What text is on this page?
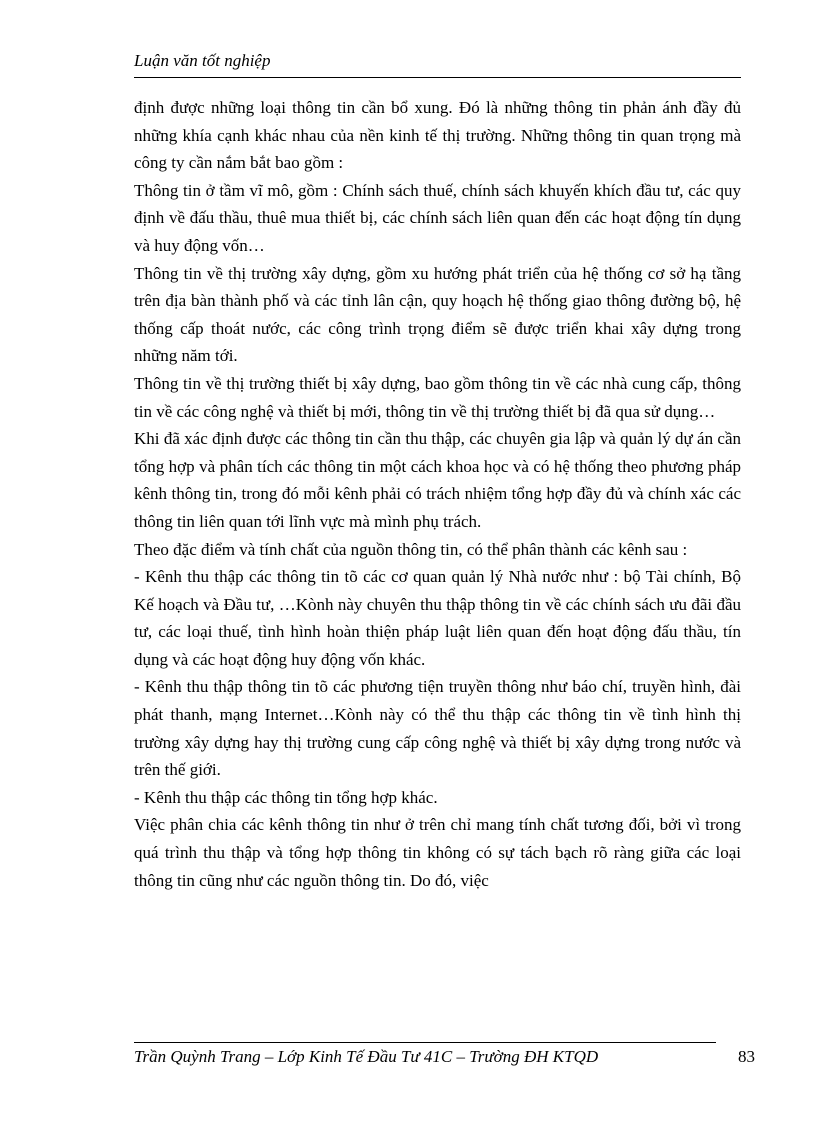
Luận văn tốt nghiệp

định được những loại thông tin cần bổ xung. Đó là những thông tin phản ánh đầy đủ những khía cạnh khác nhau của nền kinh tế thị trường. Những thông tin quan trọng mà công ty cần nắm bắt bao gồm :

Thông tin ở tầm vĩ mô, gồm : Chính sách thuế, chính sách khuyến khích đầu tư, các quy định về đấu thầu, thuê mua thiết bị, các chính sách liên quan đến các hoạt động tín dụng và huy động vốn…

Thông tin về thị trường xây dựng, gồm xu hướng phát triển của hệ thống cơ sở hạ tầng trên địa bàn thành phố và các tỉnh lân cận, quy hoạch hệ thống giao thông đường bộ, hệ thống cấp thoát nước, các công trình trọng điểm sẽ được triển khai xây dựng trong những năm tới.

Thông tin về thị trường thiết bị xây dựng, bao gồm thông tin về các nhà cung cấp, thông tin về các công nghệ và thiết bị mới, thông tin về thị trường thiết bị đã qua sử dụng…

Khi đã xác định được các thông tin cần thu thập, các chuyên gia lập và quản lý dự án cần tổng hợp và phân tích các thông tin một cách khoa học và có hệ thống theo phương pháp kênh thông tin, trong đó mỗi kênh phải có trách nhiệm tổng hợp đầy đủ và chính xác các thông tin liên quan tới lĩnh vực mà mình phụ trách.

Theo đặc điểm và tính chất của nguồn thông tin, có thể phân thành các kênh sau :

- Kênh thu thập các thông tin tõ các cơ quan quản lý Nhà nước như : bộ Tài chính, Bộ Kế hoạch và Đầu tư, …Kònh này chuyên thu thập thông tin về các chính sách ưu đãi đầu tư, các loại thuế, tình hình hoàn thiện pháp luật liên quan đến hoạt động đấu thầu, tín dụng và các hoạt động huy động vốn khác.

- Kênh thu thập thông tin tõ các phương tiện truyền thông như báo chí, truyền hình, đài phát thanh, mạng Internet…Kònh này có thể thu thập các thông tin về tình hình thị trường xây dựng hay thị trường cung cấp công nghệ và thiết bị xây dựng trong nước và trên thế giới.

- Kênh thu thập các thông tin tổng hợp khác.

Việc phân chia các kênh thông tin như ở trên chỉ mang tính chất tương đối, bởi vì trong quá trình thu thập và tổng hợp thông tin không có sự tách bạch rõ ràng giữa các loại thông tin cũng như các nguồn thông tin. Do đó, việc

Trần Quỳnh Trang – Lớp Kinh Tế Đầu Tư 41C – Trường ĐH KTQD	83
